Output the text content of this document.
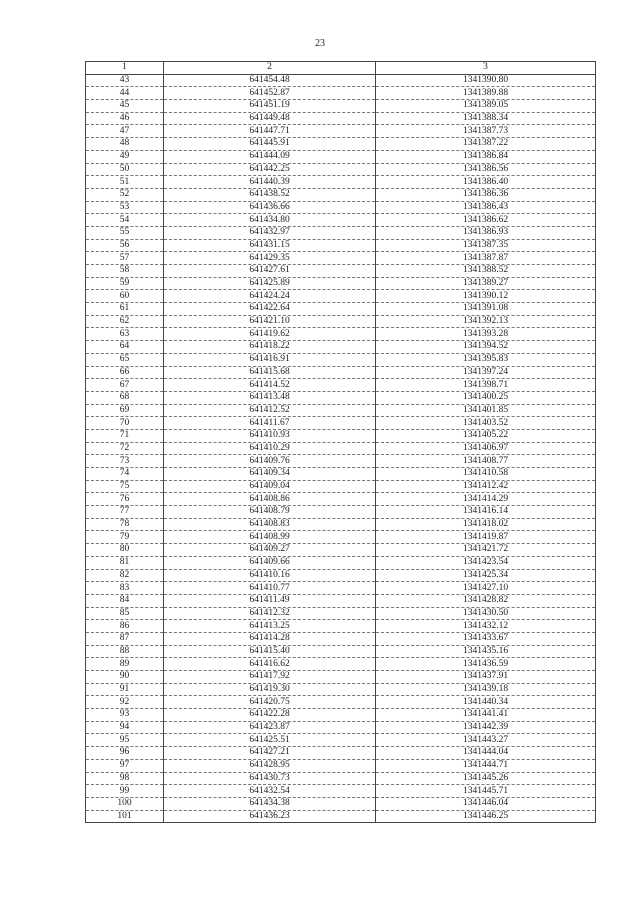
23
1	2	3
43	641454.48	1341390.80
44	641452.87	1341389.88
45	641451.19	1341389.05
46	641449.48	1341388.34
47	641447.71	1341387.73
48	641445.91	1341387.22
49	641444.09	1341386.84
50	641442.25	1341386.56
51	641440.39	1341386.40
52	641438.52	1341386.36
53	641436.66	1341386.43
54	641434.80	1341386.62
55	641432.97	1341386.93
56	641431.15	1341387.35
57	641429.35	1341387.87
58	641427.61	1341388.52
59	641425.89	1341389.27
60	641424.24	1341390.12
61	641422.64	1341391.08
62	641421.10	1341392.13
63	641419.62	1341393.28
64	641418.22	1341394.52
65	641416.91	1341395.83
66	641415.68	1341397.24
67	641414.52	1341398.71
68	641413.48	1341400.25
69	641412.52	1341401.85
70	641411.67	1341403.52
71	641410.93	1341405.22
72	641410.29	1341406.97
73	641409.76	1341408.77
74	641409.34	1341410.58
75	641409.04	1341412.42
76	641408.86	1341414.29
77	641408.79	1341416.14
78	641408.83	1341418.02
79	641408.99	1341419.87
80	641409.27	1341421.72
81	641409.66	1341423.54
82	641410.16	1341425.34
83	641410.77	1341427.10
84	641411.49	1341428.82
85	641412.32	1341430.50
86	641413.25	1341432.12
87	641414.28	1341433.67
88	641415.40	1341435.16
89	641416.62	1341436.59
90	641417.92	1341437.91
91	641419.30	1341439.18
92	641420.75	1341440.34
93	641422.28	1341441.41
94	641423.87	1341442.39
95	641425.51	1341443.27
96	641427.21	1341444.04
97	641428.95	1341444.71
98	641430.73	1341445.26
99	641432.54	1341445.71
100	641434.38	1341446.04
101	641436.23	1341446.25
